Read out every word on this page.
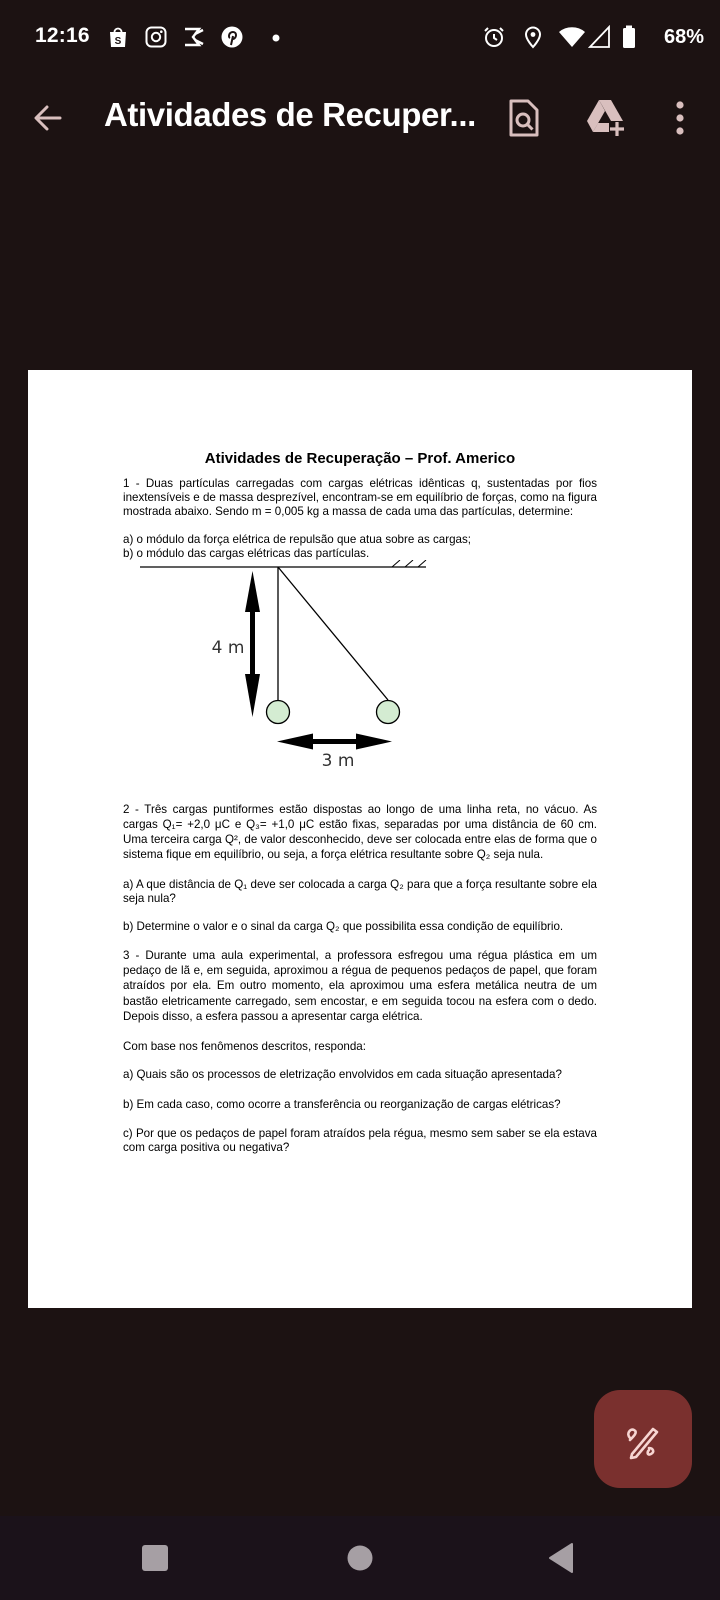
12:16 S	68%
Atividades de Recuper...
Atividades de Recuperação – Prof. Americo
1 - Duas partículas carregadas com cargas elétricas idênticas q, sustentadas por fios inextensíveis e de massa desprezível, encontram-se em equilíbrio de forças, como na figura mostrada abaixo. Sendo m = 0,005 kg a massa de cada uma das partículas, determine:
a) o módulo da força elétrica de repulsão que atua sobre as cargas;
b) o módulo das cargas elétricas das partículas.
4 m
3 m
2 - Três cargas puntiformes estão dispostas ao longo de uma linha reta, no vácuo. As cargas Q₁= +2,0 μC e Q₃= +1,0 μC estão fixas, separadas por uma distância de 60 cm. Uma terceira carga Q², de valor desconhecido, deve ser colocada entre elas de forma que o sistema fique em equilíbrio, ou seja, a força elétrica resultante sobre Q₂ seja nula.
a) A que distância de Q₁ deve ser colocada a carga Q₂ para que a força resultante sobre ela seja nula?
b) Determine o valor e o sinal da carga Q₂ que possibilita essa condição de equilíbrio.
3 - Durante uma aula experimental, a professora esfregou uma régua plástica em um pedaço de lã e, em seguida, aproximou a régua de pequenos pedaços de papel, que foram atraídos por ela. Em outro momento, ela aproximou uma esfera metálica neutra de um bastão eletricamente carregado, sem encostar, e em seguida tocou na esfera com o dedo. Depois disso, a esfera passou a apresentar carga elétrica.
Com base nos fenômenos descritos, responda:
a) Quais são os processos de eletrização envolvidos em cada situação apresentada?
b) Em cada caso, como ocorre a transferência ou reorganização de cargas elétricas?
c) Por que os pedaços de papel foram atraídos pela régua, mesmo sem saber se ela estava com carga positiva ou negativa?
